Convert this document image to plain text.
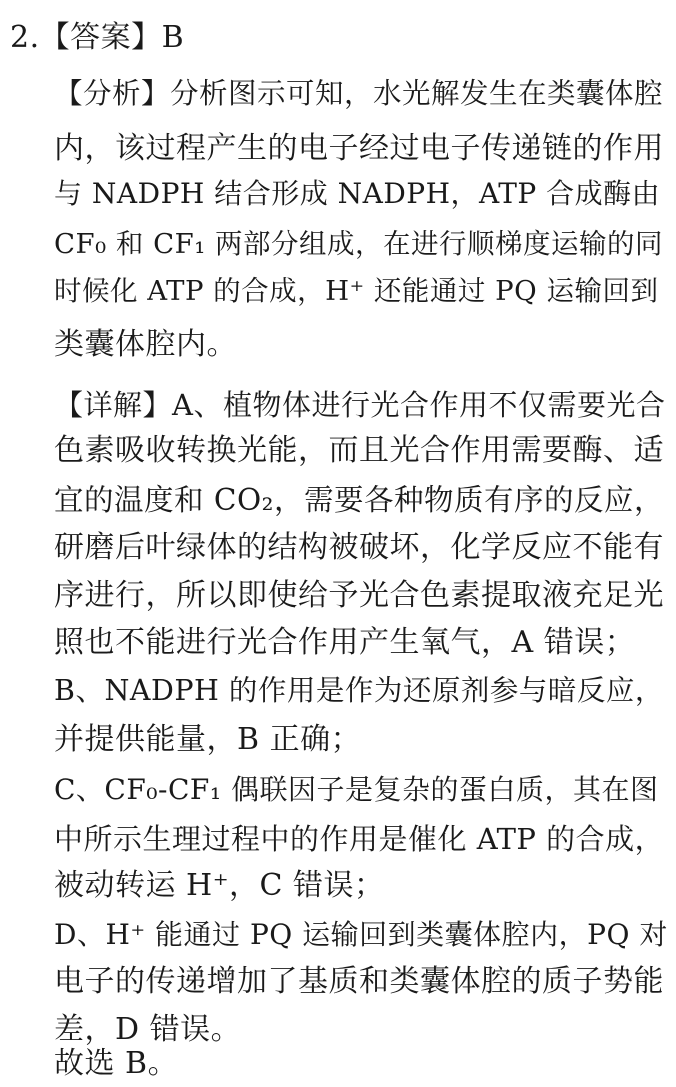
2.【答案】B
【分析】分析图示可知，水光解发生在类囊体腔
内，该过程产生的电子经过电子传递链的作用
与 NADPH 结合形成 NADPH，ATP 合成酶由
CF₀ 和 CF₁ 两部分组成，在进行顺梯度运输的同
时候化 ATP 的合成，H⁺ 还能通过 PQ 运输回到
类囊体腔内。
【详解】A、植物体进行光合作用不仅需要光合
色素吸收转换光能，而且光合作用需要酶、适
宜的温度和 CO₂，需要各种物质有序的反应，
研磨后叶绿体的结构被破坏，化学反应不能有
序进行，所以即使给予光合色素提取液充足光
照也不能进行光合作用产生氧气，A 错误；
B、NADPH 的作用是作为还原剂参与暗反应，
并提供能量，B 正确；
C、CF₀-CF₁ 偶联因子是复杂的蛋白质，其在图
中所示生理过程中的作用是催化 ATP 的合成，
被动转运 H⁺，C 错误；
D、H⁺ 能通过 PQ 运输回到类囊体腔内，PQ 对
电子的传递增加了基质和类囊体腔的质子势能
差，D 错误。
故选 B。
